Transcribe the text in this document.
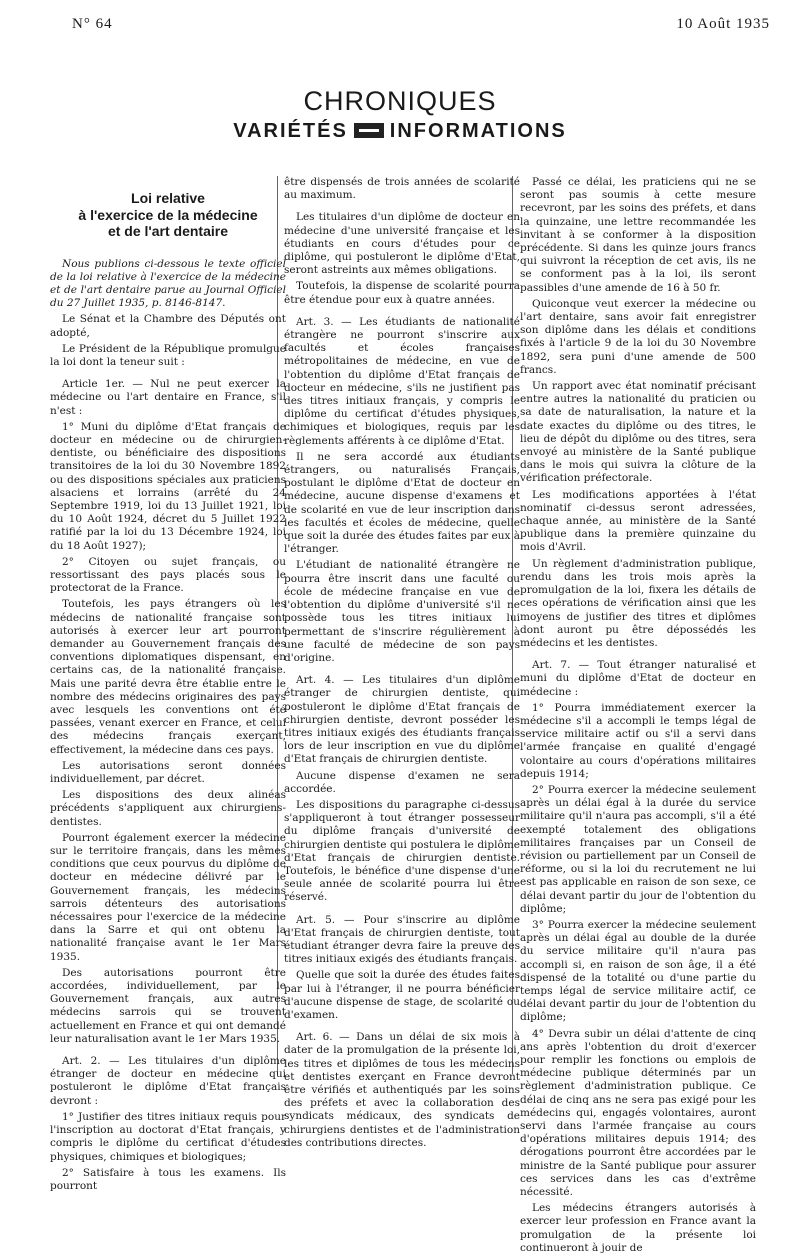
N° 64	10 Août 1935
CHRONIQUES
VARIÉTÉS INFORMATIONS
Loi relative
à l'exercice de la médecine
et de l'art dentaire

Nous publions ci-dessous le texte officiel de la loi relative à l'exercice de la médecine et de l'art dentaire parue au Journal Officiel du 27 Juillet 1935, p. 8146-8147.

Le Sénat et la Chambre des Députés ont adopté,

Le Président de la République promulgue la loi dont la teneur suit :

Article 1er. — Nul ne peut exercer la médecine ou l'art dentaire en France, s'il n'est :

1° Muni du diplôme d'Etat français de docteur en médecine ou de chirurgien-dentiste, ou bénéficiaire des dispositions transitoires de la loi du 30 Novembre 1892 ou des dispositions spéciales aux praticiens alsaciens et lorrains (arrêté du 24 Septembre 1919, loi du 13 Juillet 1921, loi du 10 Août 1924, décret du 5 Juillet 1922 ratifié par la loi du 13 Décembre 1924, loi du 18 Août 1927);

2° Citoyen ou sujet français, ou ressortissant des pays placés sous le protectorat de la France.

Toutefois, les pays étrangers où les médecins de nationalité française sont autorisés à exercer leur art pourront demander au Gouvernement français des conventions diplomatiques dispensant, en certains cas, de la nationalité française. Mais une parité devra être établie entre le nombre des médecins originaires des pays avec lesquels les conventions ont été passées, venant exercer en France, et celui des médecins français exerçant, effectivement, la médecine dans ces pays.

Les autorisations seront données individuellement, par décret.

Les dispositions des deux alinéas précédents s'appliquent aux chirurgiens-dentistes.

Pourront également exercer la médecine sur le territoire français, dans les mêmes conditions que ceux pourvus du diplôme de docteur en médecine délivré par le Gouvernement français, les médecins sarrois détenteurs des autorisations nécessaires pour l'exercice de la médecine dans la Sarre et qui ont obtenu la nationalité française avant le 1er Mars 1935.

Des autorisations pourront être accordées, individuellement, par le Gouvernement français, aux autres médecins sarrois qui se trouvent actuellement en France et qui ont demandé leur naturalisation avant le 1er Mars 1935.

Art. 2. — Les titulaires d'un diplôme étranger de docteur en médecine qui postuleront le diplôme d'Etat français devront :

1° Justifier des titres initiaux requis pour l'inscription au doctorat d'Etat français, y compris le diplôme du certificat d'études physiques, chimiques et biologiques;

2° Satisfaire à tous les examens. Ils pourront

être dispensés de trois années de scolarité au maximum.

Les titulaires d'un diplôme de docteur en médecine d'une université française et les étudiants en cours d'études pour ce diplôme, qui postuleront le diplôme d'Etat, seront astreints aux mêmes obligations.

Toutefois, la dispense de scolarité pourra être étendue pour eux à quatre années.

Art. 3. — Les étudiants de nationalité étrangère ne pourront s'inscrire aux facultés et écoles françaises métropolitaines de médecine, en vue de l'obtention du diplôme d'Etat français de docteur en médecine, s'ils ne justifient pas des titres initiaux français, y compris le diplôme du certificat d'études physiques, chimiques et biologiques, requis par les règlements afférents à ce diplôme d'Etat.

Il ne sera accordé aux étudiants étrangers, ou naturalisés Français, postulant le diplôme d'Etat de docteur en médecine, aucune dispense d'examens et de scolarité en vue de leur inscription dans les facultés et écoles de médecine, quelle que soit la durée des études faites par eux à l'étranger.

L'étudiant de nationalité étrangère ne pourra être inscrit dans une faculté ou école de médecine française en vue de l'obtention du diplôme d'université s'il ne possède tous les titres initiaux lui permettant de s'inscrire régulièrement à une faculté de médecine de son pays d'origine.

Art. 4. — Les titulaires d'un diplôme étranger de chirurgien dentiste, qui postuleront le diplôme d'Etat français de chirurgien dentiste, devront posséder les titres initiaux exigés des étudiants français lors de leur inscription en vue du diplôme d'Etat français de chirurgien dentiste.

Aucune dispense d'examen ne sera accordée.

Les dispositions du paragraphe ci-dessus s'appliqueront à tout étranger possesseur du diplôme français d'université de chirurgien dentiste qui postulera le diplôme d'Etat français de chirurgien dentiste. Toutefois, le bénéfice d'une dispense d'une seule année de scolarité pourra lui être réservé.

Art. 5. — Pour s'inscrire au diplôme d'Etat français de chirurgien dentiste, tout étudiant étranger devra faire la preuve des titres initiaux exigés des étudiants français.

Quelle que soit la durée des études faites par lui à l'étranger, il ne pourra bénéficier d'aucune dispense de stage, de scolarité ou d'examen.

Art. 6. — Dans un délai de six mois à dater de la promulgation de la présente loi, les titres et diplômes de tous les médecins et dentistes exerçant en France devront être vérifiés et authentiqués par les soins des préfets et avec la collaboration des syndicats médicaux, des syndicats de chirurgiens dentistes et de l'administration des contributions directes.

Passé ce délai, les praticiens qui ne se seront pas soumis à cette mesure recevront, par les soins des préfets, et dans la quinzaine, une lettre recommandée les invitant à se conformer à la disposition précédente. Si dans les quinze jours francs qui suivront la réception de cet avis, ils ne se conforment pas à la loi, ils seront passibles d'une amende de 16 à 50 fr.

Quiconque veut exercer la médecine ou l'art dentaire, sans avoir fait enregistrer son diplôme dans les délais et conditions fixés à l'article 9 de la loi du 30 Novembre 1892, sera puni d'une amende de 500 francs.

Un rapport avec état nominatif précisant entre autres la nationalité du praticien ou sa date de naturalisation, la nature et la date exactes du diplôme ou des titres, le lieu de dépôt du diplôme ou des titres, sera envoyé au ministère de la Santé publique dans le mois qui suivra la clôture de la vérification préfectorale.

Les modifications apportées à l'état nominatif ci-dessus seront adressées, chaque année, au ministère de la Santé publique dans la première quinzaine du mois d'Avril.

Un règlement d'administration publique, rendu dans les trois mois après la promulgation de la loi, fixera les détails de ces opérations de vérification ainsi que les moyens de justifier des titres et diplômes dont auront pu être dépossédés les médecins et les dentistes.

Art. 7. — Tout étranger naturalisé et muni du diplôme d'Etat de docteur en médecine :

1° Pourra immédiatement exercer la médecine s'il a accompli le temps légal de service militaire actif ou s'il a servi dans l'armée française en qualité d'engagé volontaire au cours d'opérations militaires depuis 1914;

2° Pourra exercer la médecine seulement après un délai égal à la durée du service militaire qu'il n'aura pas accompli, s'il a été exempté totalement des obligations militaires françaises par un Conseil de révision ou partiellement par un Conseil de réforme, ou si la loi du recrutement ne lui est pas applicable en raison de son sexe, ce délai devant partir du jour de l'obtention du diplôme;

3° Pourra exercer la médecine seulement après un délai égal au double de la durée du service militaire qu'il n'aura pas accompli si, en raison de son âge, il a été dispensé de la totalité ou d'une partie du temps légal de service militaire actif, ce délai devant partir du jour de l'obtention du diplôme;

4° Devra subir un délai d'attente de cinq ans après l'obtention du droit d'exercer pour remplir les fonctions ou emplois de médecine publique déterminés par un règlement d'administration publique. Ce délai de cinq ans ne sera pas exigé pour les médecins qui, engagés volontaires, auront servi dans l'armée française au cours d'opérations militaires depuis 1914; des dérogations pourront être accordées par le ministre de la Santé publique pour assurer ces services dans les cas d'extrême nécessité.

Les médecins étrangers autorisés à exercer leur profession en France avant la promulgation de la présente loi continueront à jouir de
